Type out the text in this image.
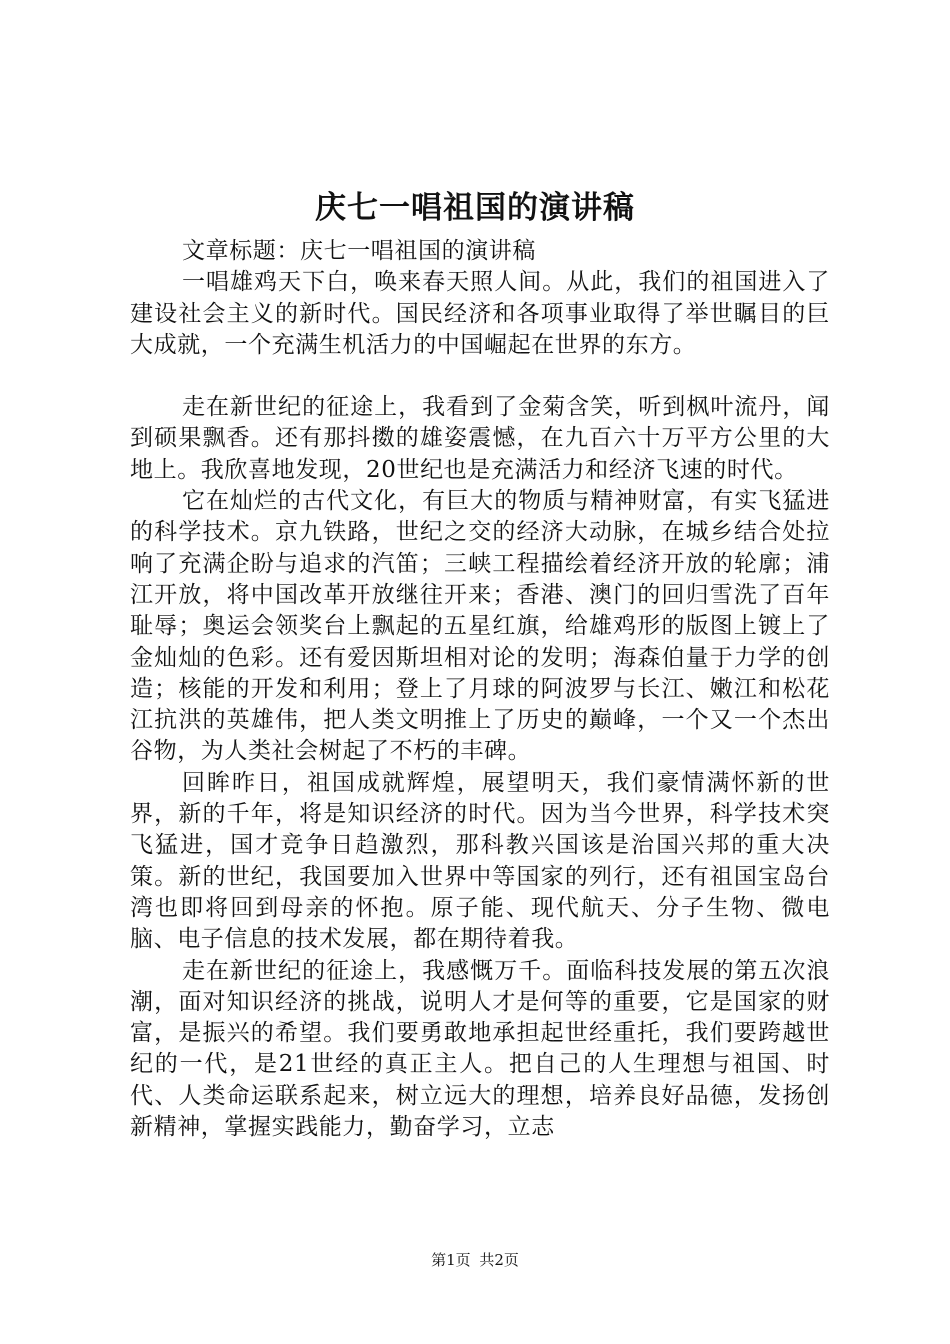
庆七一唱祖国的演讲稿

文章标题：庆七一唱祖国的演讲稿

一唱雄鸡天下白，唤来春天照人间。从此，我们的祖国进入了建设社会主义的新时代。国民经济和各项事业取得了举世瞩目的巨大成就，一个充满生机活力的中国崛起在世界的东方。

走在新世纪的征途上，我看到了金菊含笑，听到枫叶流丹，闻到硕果飘香。还有那抖擞的雄姿震憾，在九百六十万平方公里的大地上。我欣喜地发现，20世纪也是充满活力和经济飞速的时代。

它在灿烂的古代文化，有巨大的物质与精神财富，有实飞猛进的科学技术。京九铁路，世纪之交的经济大动脉，在城乡结合处拉响了充满企盼与追求的汽笛；三峡工程描绘着经济开放的轮廓；浦江开放，将中国改革开放继往开来；香港、澳门的回归雪洗了百年耻辱；奥运会领奖台上飘起的五星红旗，给雄鸡形的版图上镀上了金灿灿的色彩。还有爱因斯坦相对论的发明；海森伯量于力学的创造；核能的开发和利用；登上了月球的阿波罗与长江、嫩江和松花江抗洪的英雄伟，把人类文明推上了历史的巅峰，一个又一个杰出谷物，为人类社会树起了不朽的丰碑。

回眸昨日，祖国成就辉煌，展望明天，我们豪情满怀新的世界，新的千年，将是知识经济的时代。因为当今世界，科学技术突飞猛进，国才竞争日趋激烈，那科教兴国该是治国兴邦的重大决策。新的世纪，我国要加入世界中等国家的列行，还有祖国宝岛台湾也即将回到母亲的怀抱。原子能、现代航天、分子生物、微电脑、电子信息的技术发展，都在期待着我。

走在新世纪的征途上，我感慨万千。面临科技发展的第五次浪潮，面对知识经济的挑战，说明人才是何等的重要，它是国家的财富，是振兴的希望。我们要勇敢地承担起世经重托，我们要跨越世纪的一代，是21世经的真正主人。把自己的人生理想与祖国、时代、人类命运联系起来，树立远大的理想，培养良好品德，发扬创新精神，掌握实践能力，勤奋学习，立志

第1页 共2页
